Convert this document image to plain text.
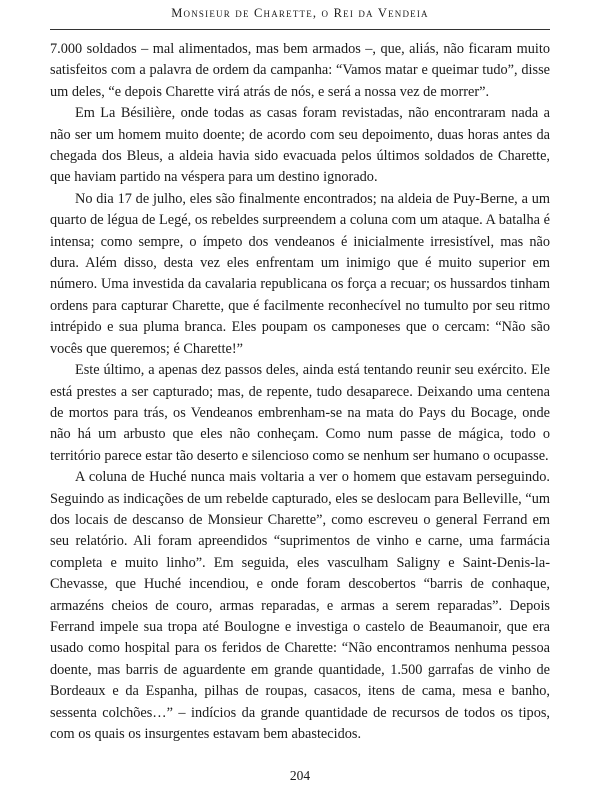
Monsieur de Charette, o Rei da Vendeia

7.000 soldados – mal alimentados, mas bem armados –, que, aliás, não ficaram muito satisfeitos com a palavra de ordem da campanha: “Vamos matar e queimar tudo”, disse um deles, “e depois Charette virá atrás de nós, e será a nossa vez de morrer”.

Em La Bésilière, onde todas as casas foram revistadas, não encontraram nada a não ser um homem muito doente; de acordo com seu depoimento, duas horas antes da chegada dos Bleus, a aldeia havia sido evacuada pelos últimos soldados de Charette, que haviam partido na véspera para um destino ignorado.

No dia 17 de julho, eles são finalmente encontrados; na aldeia de Puy-Berne, a um quarto de légua de Legé, os rebeldes surpreendem a coluna com um ataque. A batalha é intensa; como sempre, o ímpeto dos vendeanos é inicialmente irresistível, mas não dura. Além disso, desta vez eles enfrentam um inimigo que é muito superior em número. Uma investida da cavalaria republicana os força a recuar; os hussardos tinham ordens para capturar Charette, que é facilmente reconhecível no tumulto por seu ritmo intrépido e sua pluma branca. Eles poupam os camponeses que o cercam: “Não são vocês que queremos; é Charette!”

Este último, a apenas dez passos deles, ainda está tentando reunir seu exército. Ele está prestes a ser capturado; mas, de repente, tudo desaparece. Deixando uma centena de mortos para trás, os Vendeanos embrenham-se na mata do Pays du Bocage, onde não há um arbusto que eles não conheçam. Como num passe de mágica, todo o território parece estar tão deserto e silencioso como se nenhum ser humano o ocupasse.

A coluna de Huché nunca mais voltaria a ver o homem que estavam perseguindo. Seguindo as indicações de um rebelde capturado, eles se deslocam para Belleville, “um dos locais de descanso de Monsieur Charette”, como escreveu o general Ferrand em seu relatório. Ali foram apreendidos “suprimentos de vinho e carne, uma farmácia completa e muito linho”. Em seguida, eles vasculham Saligny e Saint-Denis-la-Chevasse, que Huché incendiou, e onde foram descobertos “barris de conhaque, armazéns cheios de couro, armas reparadas, e armas a serem reparadas”. Depois Ferrand impele sua tropa até Boulogne e investiga o castelo de Beaumanoir, que era usado como hospital para os feridos de Charette: “Não encontramos nenhuma pessoa doente, mas barris de aguardente em grande quantidade, 1.500 garrafas de vinho de Bordeaux e da Espanha, pilhas de roupas, casacos, itens de cama, mesa e banho, sessenta colchões…” – indícios da grande quantidade de recursos de todos os tipos, com os quais os insurgentes estavam bem abastecidos.

204
